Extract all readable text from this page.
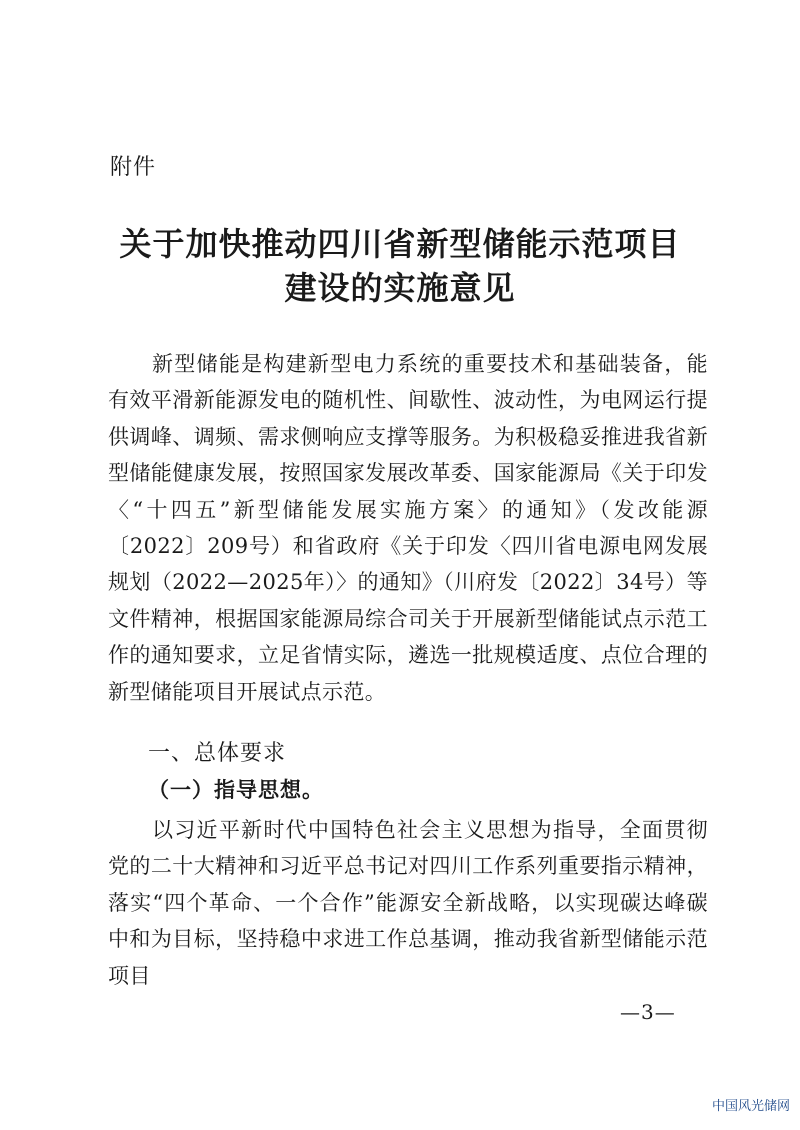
附件
关于加快推动四川省新型储能示范项目
建设的实施意见
新型储能是构建新型电力系统的重要技术和基础装备，能有效平滑新能源发电的随机性、间歇性、波动性，为电网运行提供调峰、调频、需求侧响应支撑等服务。为积极稳妥推进我省新型储能健康发展，按照国家发展改革委、国家能源局《关于印发〈“十四五”新型储能发展实施方案〉的通知》（发改能源〔2022〕209号）和省政府《关于印发〈四川省电源电网发展规划（2022—2025年）〉的通知》（川府发〔2022〕34号）等文件精神，根据国家能源局综合司关于开展新型储能试点示范工作的通知要求，立足省情实际，遴选一批规模适度、点位合理的新型储能项目开展试点示范。
一、总体要求
（一）指导思想。
以习近平新时代中国特色社会主义思想为指导，全面贯彻党的二十大精神和习近平总书记对四川工作系列重要指示精神，落实“四个革命、一个合作”能源安全新战略，以实现碳达峰碳中和为目标，坚持稳中求进工作总基调，推动我省新型储能示范项目
—3—
中国风光储网
